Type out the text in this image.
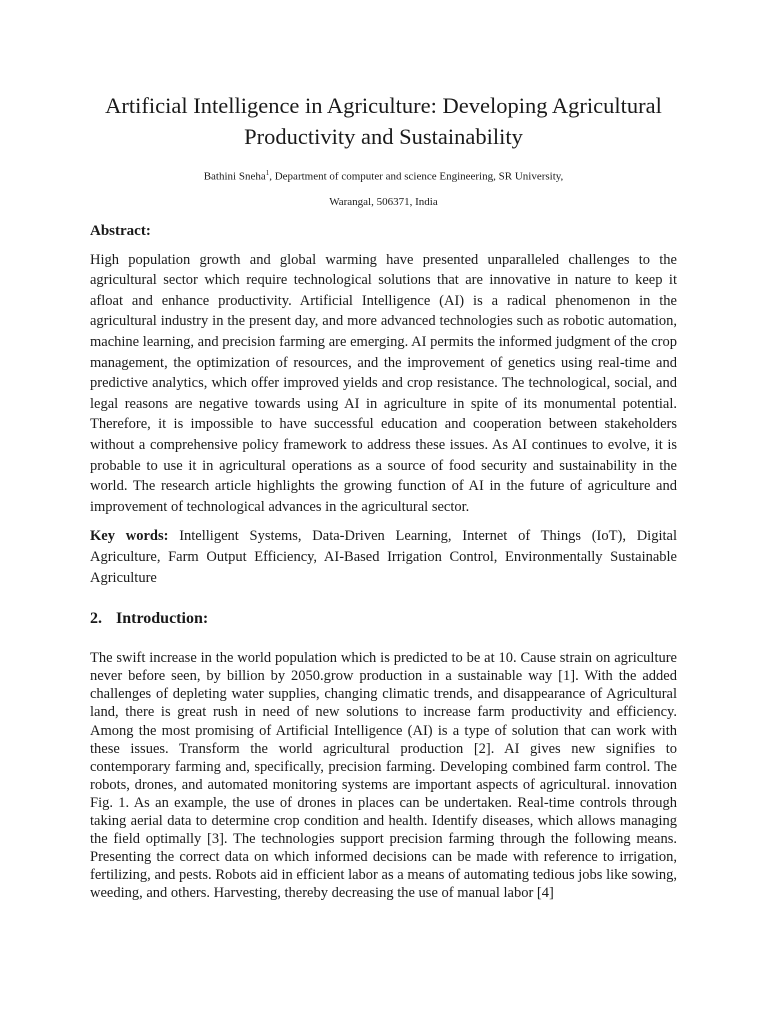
Artificial Intelligence in Agriculture: Developing Agricultural
Productivity and Sustainability
Bathini Sneha$^1$, Department of computer and science Engineering, SR University,
Warangal, 506371, India
Abstract:
High population growth and global warming have presented unparalleled challenges to the agricultural sector which require technological solutions that are innovative in nature to keep it afloat and enhance productivity. Artificial Intelligence (AI) is a radical phenomenon in the agricultural industry in the present day, and more advanced technologies such as robotic automation, machine learning, and precision farming are emerging. AI permits the informed judgment of the crop management, the optimization of resources, and the improvement of genetics using real-time and predictive analytics, which offer improved yields and crop resistance. The technological, social, and legal reasons are negative towards using AI in agriculture in spite of its monumental potential. Therefore, it is impossible to have successful education and cooperation between stakeholders without a comprehensive policy framework to address these issues. As AI continues to evolve, it is probable to use it in agricultural operations as a source of food security and sustainability in the world. The research article highlights the growing function of AI in the future of agriculture and improvement of technological advances in the agricultural sector.
Key words: Intelligent Systems, Data-Driven Learning, Internet of Things (IoT), Digital Agriculture, Farm Output Efficiency, AI-Based Irrigation Control, Environmentally Sustainable Agriculture
2. Introduction:
The swift increase in the world population which is predicted to be at 10. Cause strain on agriculture never before seen, by billion by 2050.grow production in a sustainable way [1]. With the added challenges of depleting water supplies, changing climatic trends, and disappearance of Agricultural land, there is great rush in need of new solutions to increase farm productivity and efficiency. Among the most promising of Artificial Intelligence (AI) is a type of solution that can work with these issues. Transform the world agricultural production [2]. AI gives new signifies to contemporary farming and, specifically, precision farming. Developing combined farm control. The robots, drones, and automated monitoring systems are important aspects of agricultural. innovation Fig. 1. As an example, the use of drones in places can be undertaken. Real-time controls through taking aerial data to determine crop condition and health. Identify diseases, which allows managing the field optimally [3]. The technologies support precision farming through the following means. Presenting the correct data on which informed decisions can be made with reference to irrigation, fertilizing, and pests. Robots aid in efficient labor as a means of automating tedious jobs like sowing, weeding, and others. Harvesting, thereby decreasing the use of manual labor [4]
